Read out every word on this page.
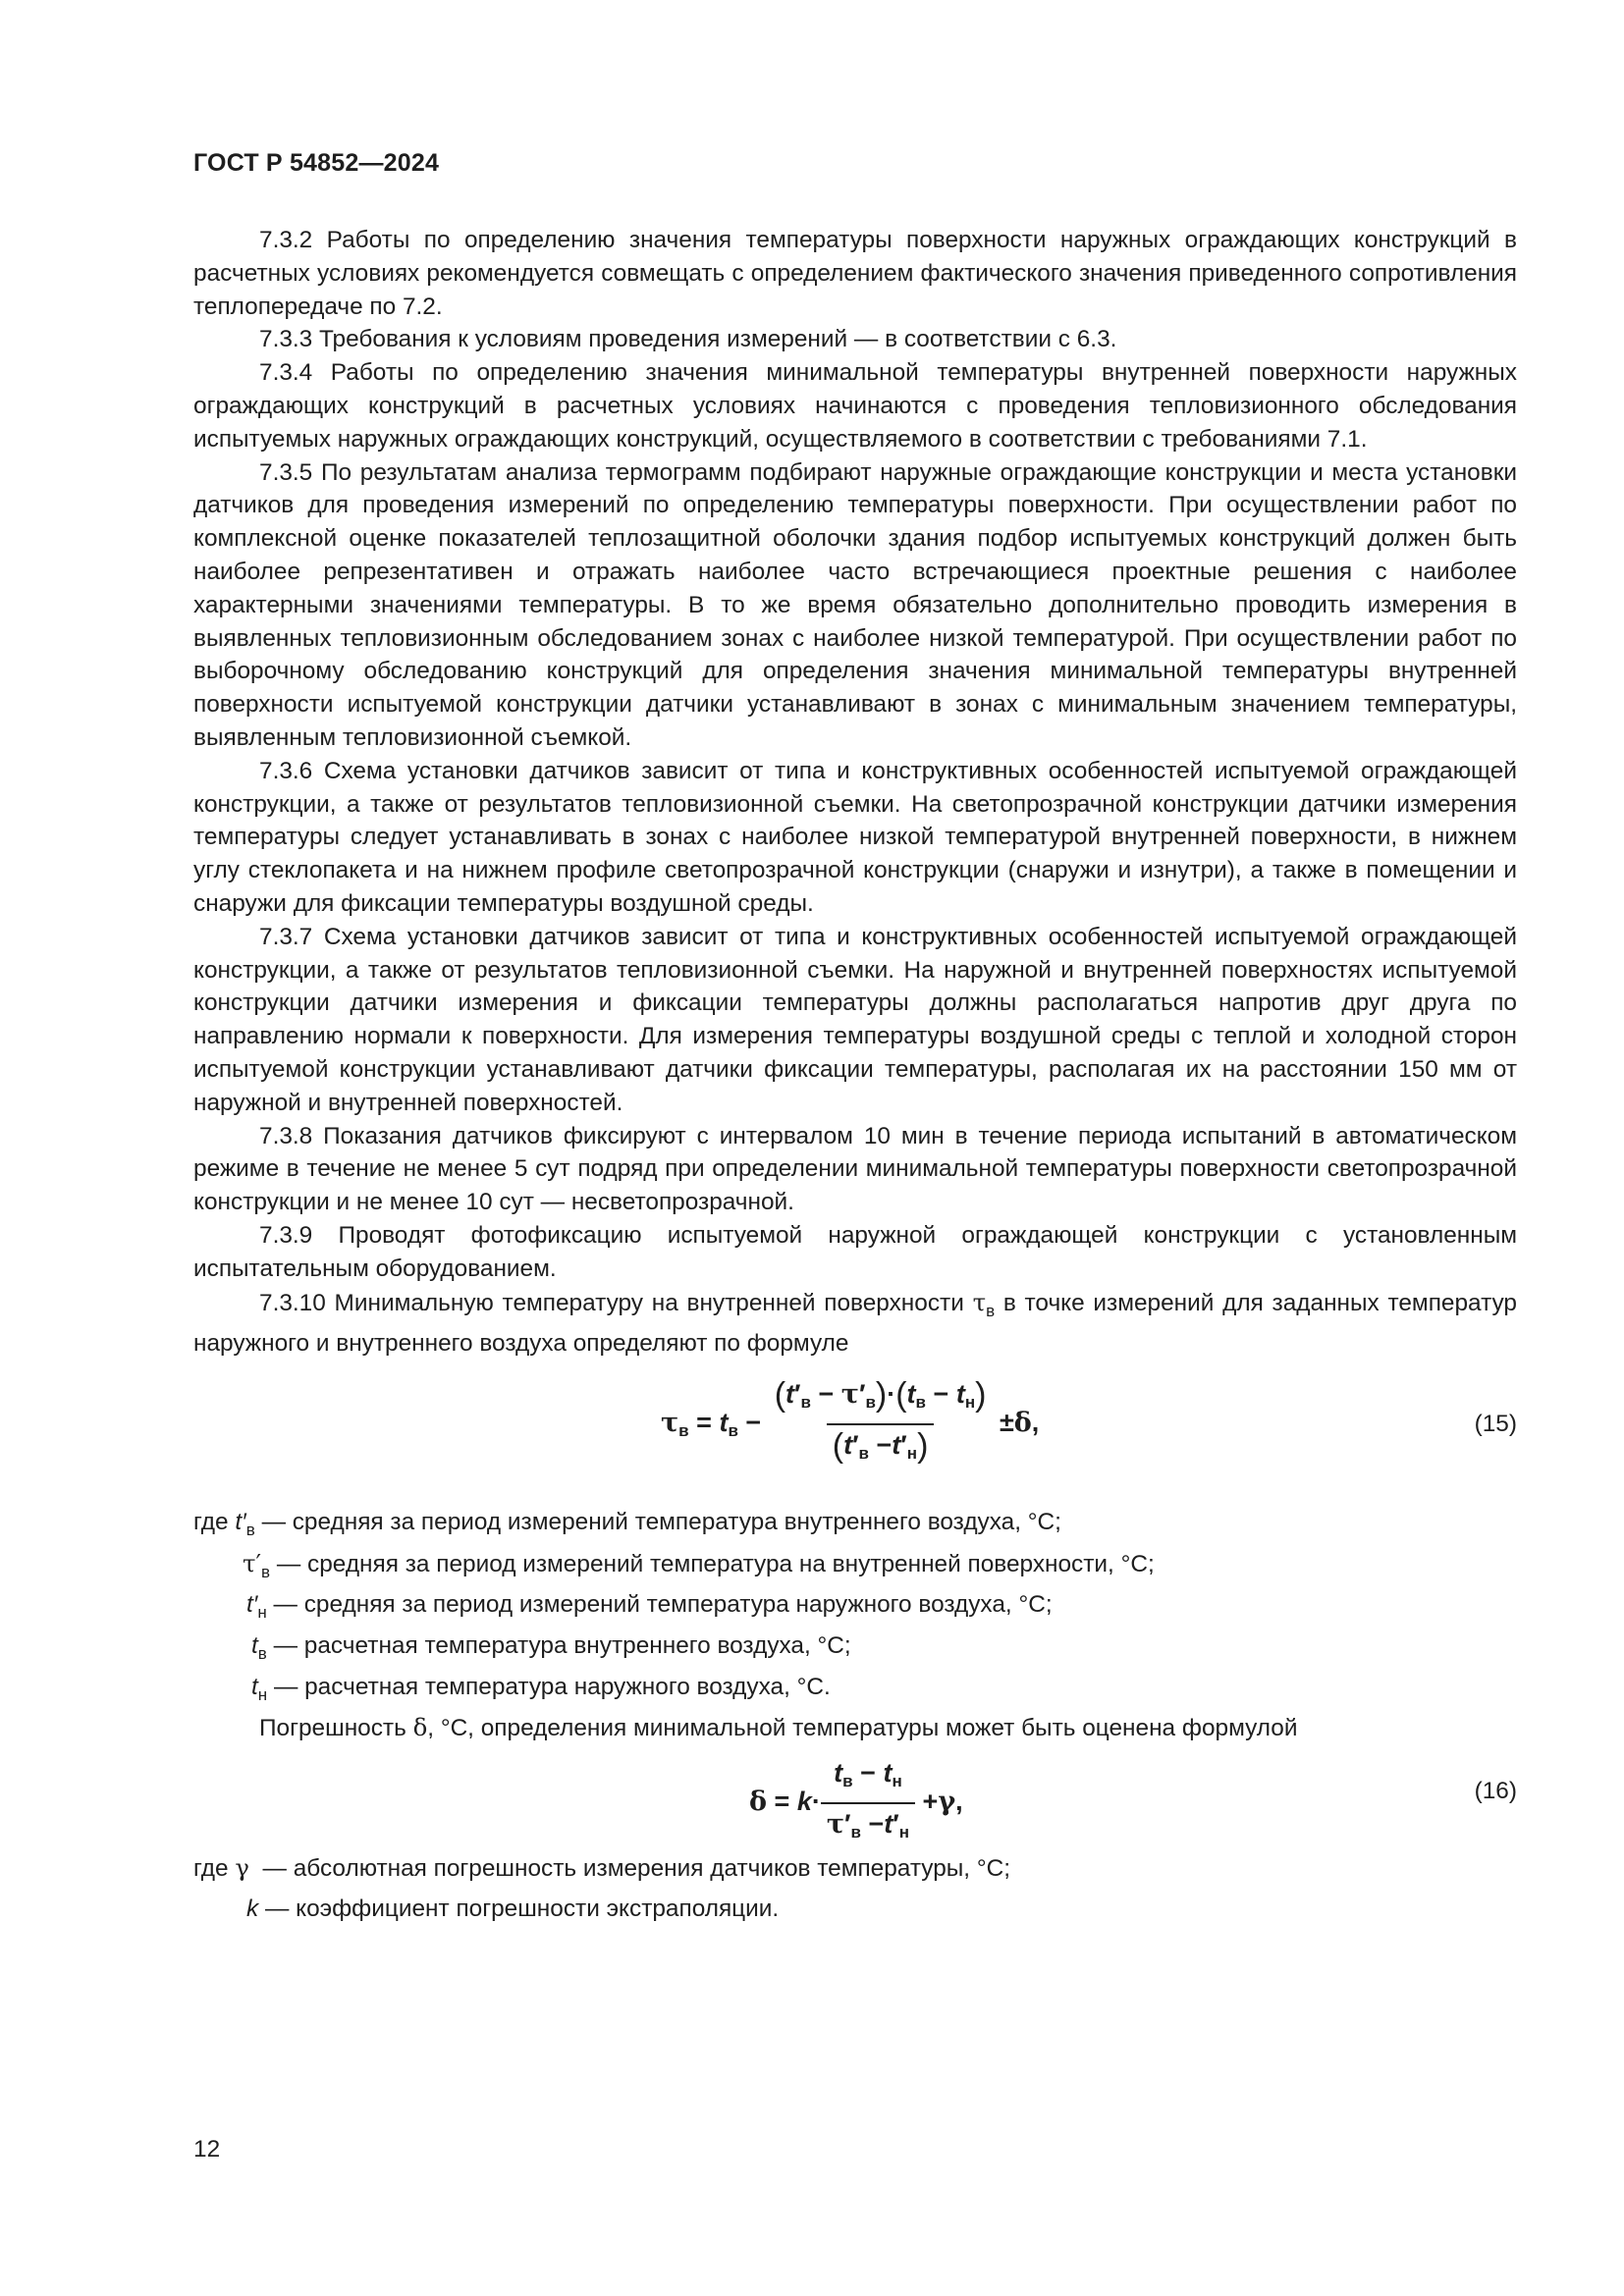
ГОСТ Р 54852—2024

7.3.2 Работы по определению значения температуры поверхности наружных ограждающих конструкций в расчетных условиях рекомендуется совмещать с определением фактического значения приведенного сопротивления теплопередаче по 7.2.

7.3.3 Требования к условиям проведения измерений — в соответствии с 6.3.

7.3.4 Работы по определению значения минимальной температуры внутренней поверхности наружных ограждающих конструкций в расчетных условиях начинаются с проведения тепловизионного обследования испытуемых наружных ограждающих конструкций, осуществляемого в соответствии с требованиями 7.1.

7.3.5 По результатам анализа термограмм подбирают наружные ограждающие конструкции и места установки датчиков для проведения измерений по определению температуры поверхности. При осуществлении работ по комплексной оценке показателей теплозащитной оболочки здания подбор испытуемых конструкций должен быть наиболее репрезентативен и отражать наиболее часто встречающиеся проектные решения с наиболее характерными значениями температуры. В то же время обязательно дополнительно проводить измерения в выявленных тепловизионным обследованием зонах с наиболее низкой температурой. При осуществлении работ по выборочному обследованию конструкций для определения значения минимальной температуры внутренней поверхности испытуемой конструкции датчики устанавливают в зонах с минимальным значением температуры, выявленным тепловизионной съемкой.

7.3.6 Схема установки датчиков зависит от типа и конструктивных особенностей испытуемой ограждающей конструкции, а также от результатов тепловизионной съемки. На светопрозрачной конструкции датчики измерения температуры следует устанавливать в зонах с наиболее низкой температурой внутренней поверхности, в нижнем углу стеклопакета и на нижнем профиле светопрозрачной конструкции (снаружи и изнутри), а также в помещении и снаружи для фиксации температуры воздушной среды.

7.3.7 Схема установки датчиков зависит от типа и конструктивных особенностей испытуемой ограждающей конструкции, а также от результатов тепловизионной съемки. На наружной и внутренней поверхностях испытуемой конструкции датчики измерения и фиксации температуры должны располагаться напротив друг друга по направлению нормали к поверхности. Для измерения температуры воздушной среды с теплой и холодной сторон испытуемой конструкции устанавливают датчики фиксации температуры, располагая их на расстоянии 150 мм от наружной и внутренней поверхностей.

7.3.8 Показания датчиков фиксируют с интервалом 10 мин в течение периода испытаний в автоматическом режиме в течение не менее 5 сут подряд при определении минимальной температуры поверхности светопрозрачной конструкции и не менее 10 сут — несветопрозрачной.

7.3.9 Проводят фотофиксацию испытуемой наружной ограждающей конструкции с установленным испытательным оборудованием.

7.3.10 Минимальную температуру на внутренней поверхности $\tau_в$ в точке измерений для заданных температур наружного и внутреннего воздуха определяют по формуле

τв = tв − $\frac{(t'в - \tau'в)\cdot(tв - tн)}{(t'в -t'н)} \pm\delta$,	(15)
где $t'_в$ — средняя за период измерений температура внутреннего воздуха, °С;
$\tau'_в$ — средняя за период измерений температура на внутренней поверхности, °С;
$t'_н$ — средняя за период измерений температура наружного воздуха, °С;
$t_в$ — расчетная температура внутреннего воздуха, °С;
$t_н$ — расчетная температура наружного воздуха, °С.
Погрешность δ, °С, определения минимальной температуры может быть оценена формулой
$\delta = k\cdot \frac{tв - tн}{\tau'в -t'н} +\gamma$,	(16)
где γ — абсолютная погрешность измерения датчиков температуры, °С;
k — коэффициент погрешности экстраполяции.
12
